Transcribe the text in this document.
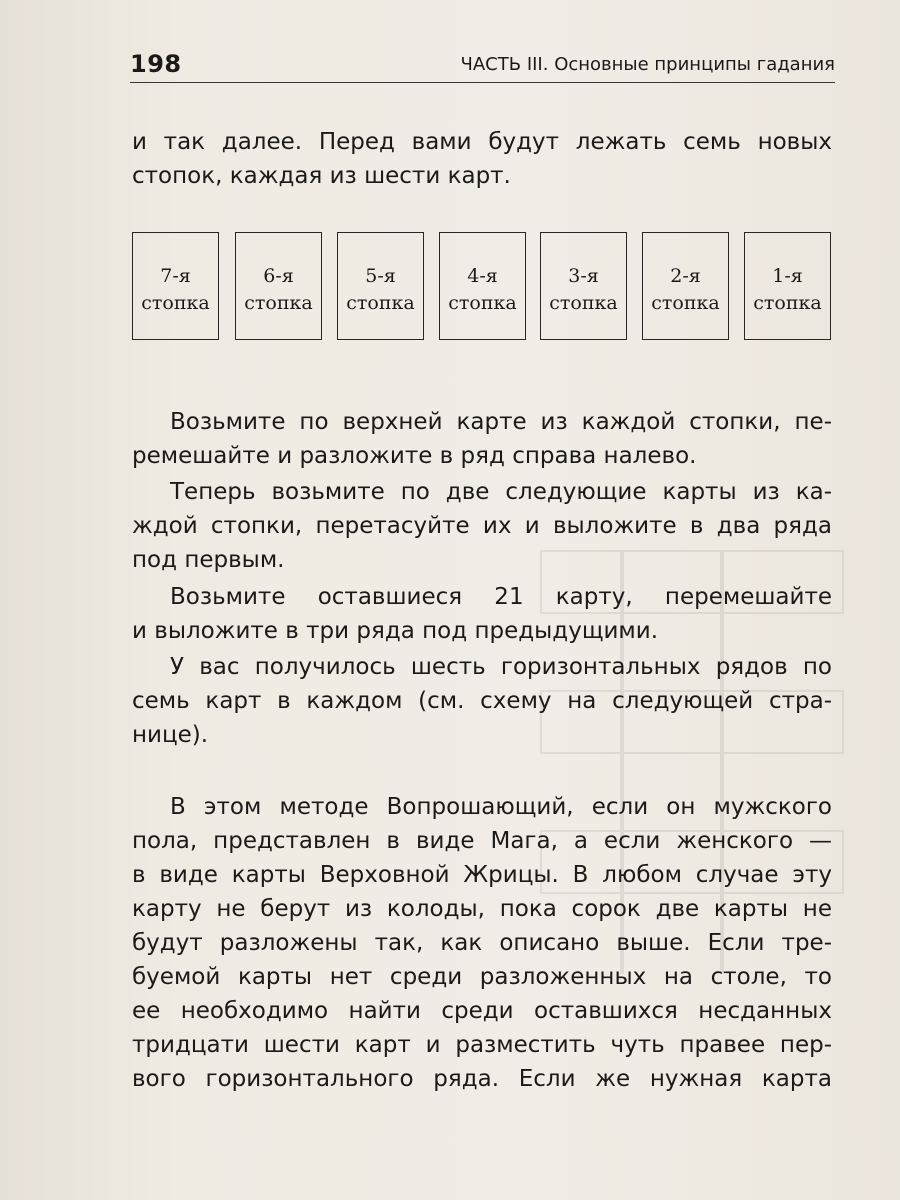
198	ЧАСТЬ III. Основные принципы гадания

и так далее. Перед вами будут лежать семь новых
стопок, каждая из шести карт.

7-я
стопка
6-я
стопка
5-я
стопка
4-я
стопка
3-я
стопка
2-я
стопка
1-я
стопка

Возьмите по верхней карте из каждой стопки, пе-

ремешайте и разложите в ряд справа налево.

Теперь возьмите по две следующие карты из ка-

ждой стопки, перетасуйте их и выложите в два ряда
под первым.

Возьмите оставшиеся 21 карту, перемешайте

и выложите в три ряда под предыдущими.

У вас получилось шесть горизонтальных рядов по

семь карт в каждом (см. схему на следующей стра-
нице).

В этом методе Вопрошающий, если он мужского

пола, представлен в виде Мага, а если женского —
в виде карты Верховной Жрицы. В любом случае эту
карту не берут из колоды, пока сорок две карты не
будут разложены так, как описано выше. Если тре-
буемой карты нет среди разложенных на столе, то
ее необходимо найти среди оставшихся несданных
тридцати шести карт и разместить чуть правее пер-
вого горизонтального ряда. Если же нужная карта
